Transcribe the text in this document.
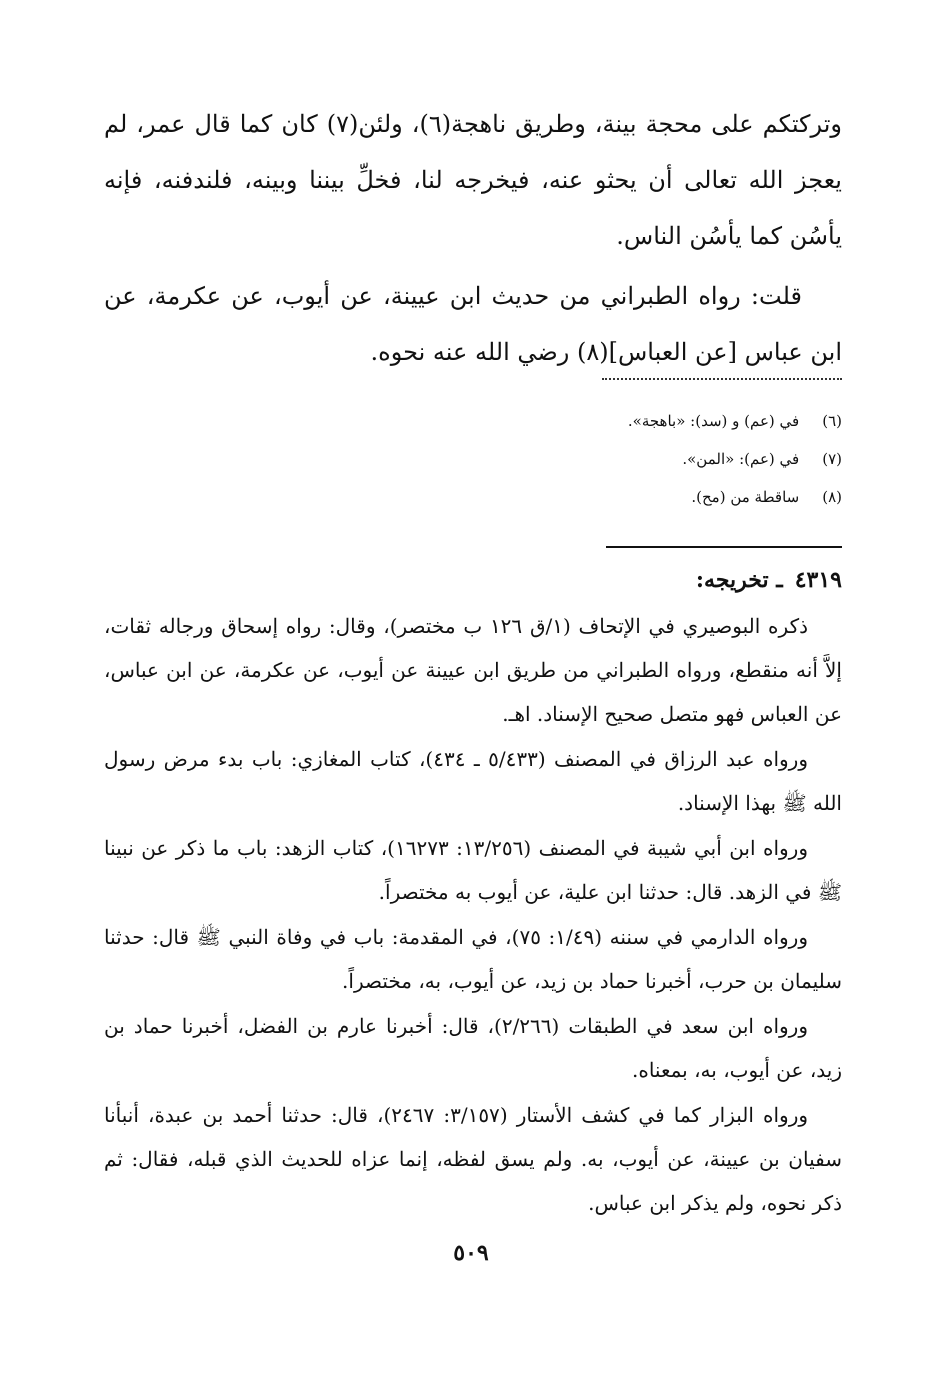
وتركتكم على محجة بينة، وطريق ناهجة(٦)، ولئن(٧) كان كما قال عمر، لم يعجز الله تعالى أن يحثو عنه، فيخرجه لنا، فخلِّ بيننا وبينه، فلندفنه، فإنه يأسُن كما يأسُن الناس.

قلت: رواه الطبراني من حديث ابن عيينة، عن أيوب، عن عكرمة، عن ابن عباس [عن العباس](٨) رضي الله عنه نحوه.

(٦) في (عم) و (سد): «باهجة».

(٧) في (عم): «المن».

(٨) ساقطة من (مح).

٤٣١٩ـ تخريجه:

ذكره البوصيري في الإتحاف (١/ق ١٢٦ ب مختصر)، وقال: رواه إسحاق ورجاله ثقات، إلاَّ أنه منقطع، ورواه الطبراني من طريق ابن عيينة عن أيوب، عن عكرمة، عن ابن عباس، عن العباس فهو متصل صحيح الإسناد. اهـ.

ورواه عبد الرزاق في المصنف (٥/٤٣٣ ـ ٤٣٤)، كتاب المغازي: باب بدء مرض رسول الله ﷺ بهذا الإسناد.

ورواه ابن أبي شيبة في المصنف (١٣/٢٥٦: ١٦٢٧٣)، كتاب الزهد: باب ما ذكر عن نبينا ﷺ في الزهد. قال: حدثنا ابن علية، عن أيوب به مختصراً.

ورواه الدارمي في سننه (١/٤٩: ٧٥)، في المقدمة: باب في وفاة النبي ﷺ قال: حدثنا سليمان بن حرب، أخبرنا حماد بن زيد، عن أيوب، به، مختصراً.

ورواه ابن سعد في الطبقات (٢/٢٦٦)، قال: أخبرنا عارم بن الفضل، أخبرنا حماد بن زيد، عن أيوب، به، بمعناه.

ورواه البزار كما في كشف الأستار (٣/١٥٧: ٢٤٦٧)، قال: حدثنا أحمد بن عبدة، أنبأنا سفيان بن عيينة، عن أيوب، به. ولم يسق لفظه، إنما عزاه للحديث الذي قبله، فقال: ثم ذكر نحوه، ولم يذكر ابن عباس.

٥٠٩
